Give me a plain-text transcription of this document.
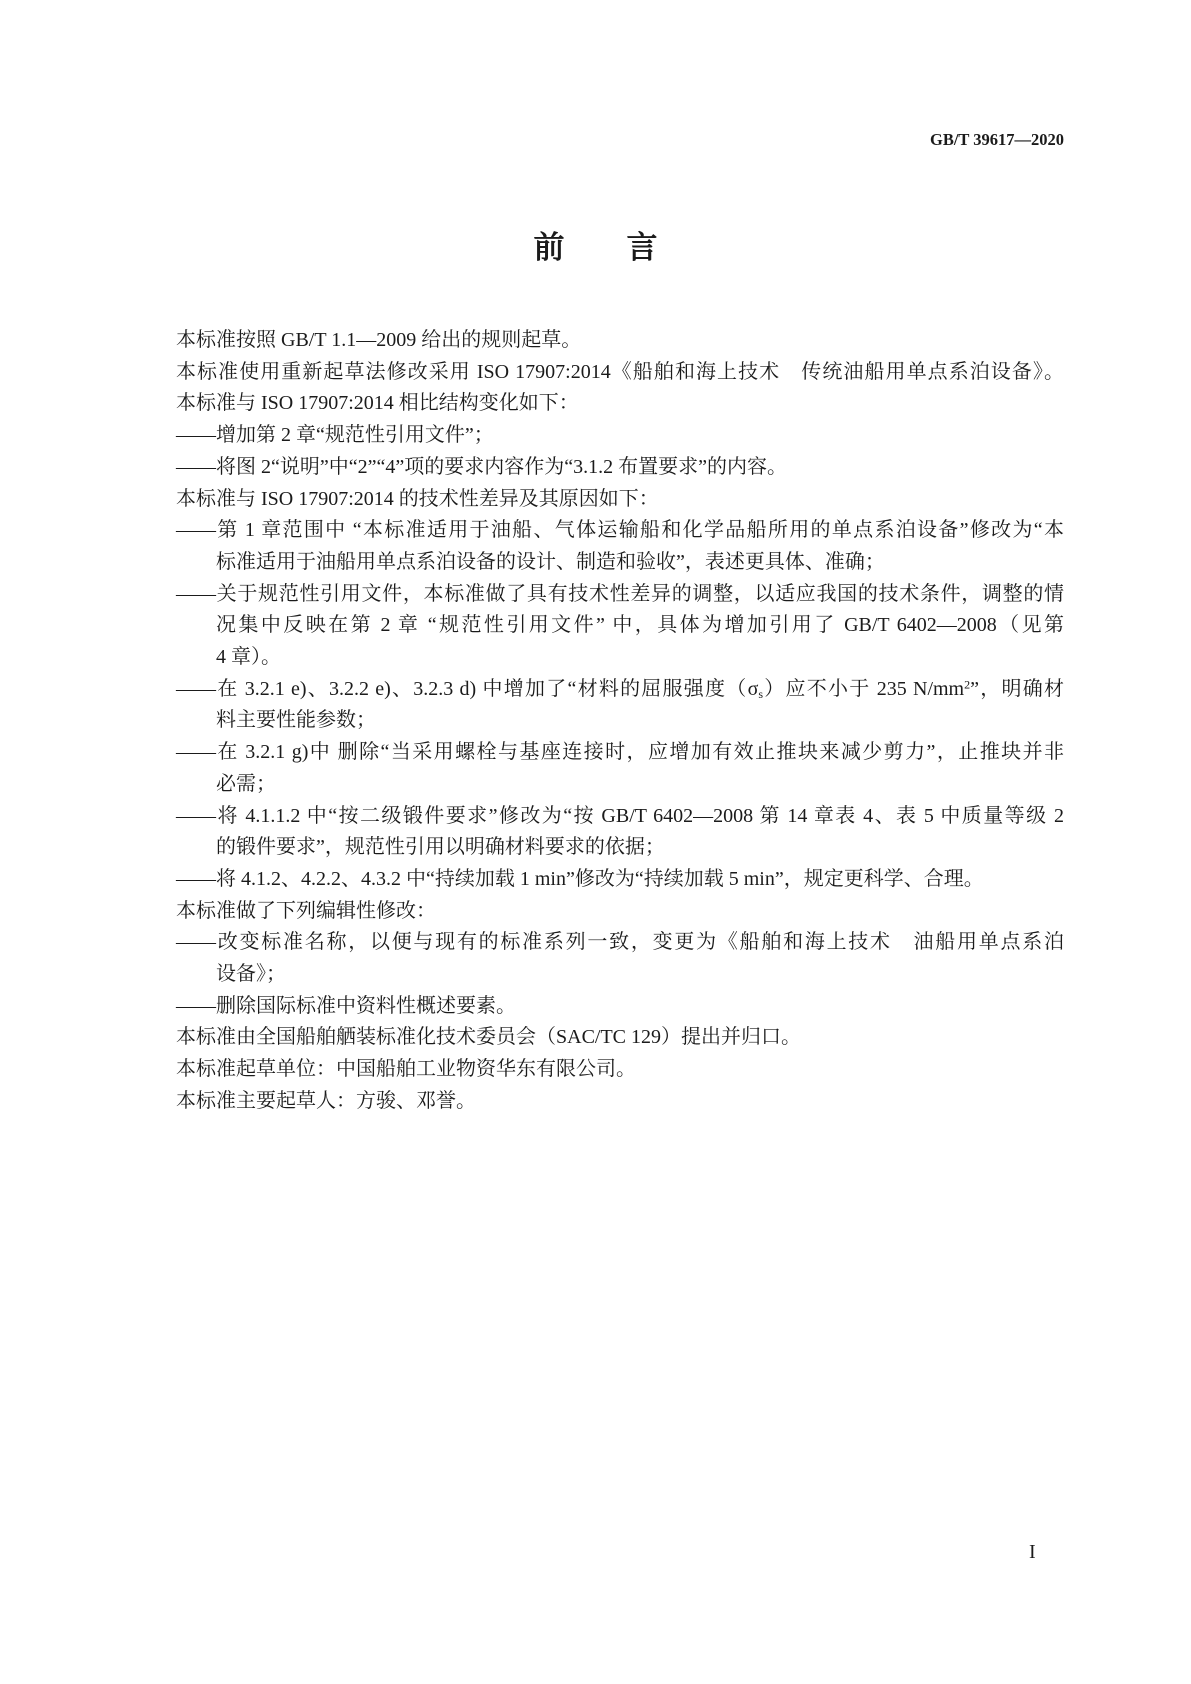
GB/T 39617—2020
前　　言
本标准按照 GB/T 1.1—2009 给出的规则起草。
本标准使用重新起草法修改采用 ISO 17907:2014《船舶和海上技术　传统油船用单点系泊设备》。
本标准与 ISO 17907:2014 相比结构变化如下：
——增加第 2 章“规范性引用文件”；
——将图 2“说明”中“2”“4”项的要求内容作为“3.1.2 布置要求”的内容。
本标准与 ISO 17907:2014 的技术性差异及其原因如下：
——第 1 章范围中 “本标准适用于油船、气体运输船和化学品船所用的单点系泊设备”修改为“本
标准适用于油船用单点系泊设备的设计、制造和验收”，表述更具体、准确；
——关于规范性引用文件，本标准做了具有技术性差异的调整，以适应我国的技术条件，调整的情
况集中反映在第 2 章 “规范性引用文件” 中，具体为增加引用了 GB/T 6402—2008（见第
4 章）。
——在 3.2.1 e)、3.2.2 e)、3.2.3 d) 中增加了“材料的屈服强度$(\sigma_s)$应不小于 235 $N/mm^2$”，明确材
料主要性能参数；
——在 3.2.1 g)中 删除“当采用螺栓与基座连接时，应增加有效止推块来减少剪力”，止推块并非
必需；
——将 4.1.1.2 中“按二级锻件要求”修改为“按 GB/T 6402—2008 第 14 章表 4、表 5 中质量等级 2
的锻件要求”，规范性引用以明确材料要求的依据；
——将 4.1.2、4.2.2、4.3.2 中“持续加载 1 min”修改为“持续加载 5 min”，规定更科学、合理。
本标准做了下列编辑性修改：
——改变标准名称，以便与现有的标准系列一致，变更为《船舶和海上技术　油船用单点系泊
设备》；
——删除国际标准中资料性概述要素。
本标准由全国船舶舾装标准化技术委员会（SAC/TC 129）提出并归口。
本标准起草单位：中国船舶工业物资华东有限公司。
本标准主要起草人：方骏、邓誉。
I
